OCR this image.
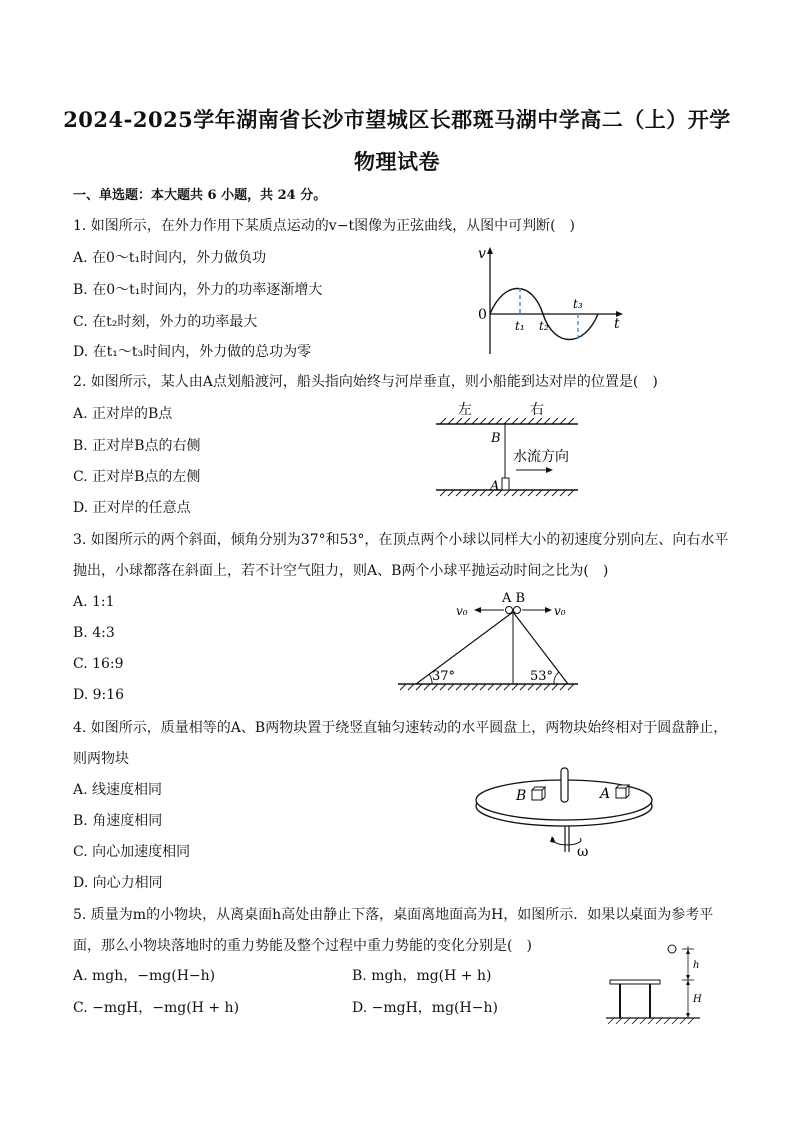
2024-2025学年湖南省长沙市望城区长郡斑马湖中学高二（上）开学
物理试卷
一、单选题：本大题共 6 小题，共 24 分。
1. 如图所示，在外力作用下某质点运动的v−t图像为正弦曲线，从图中可判断(　)
A. 在0～t₁时间内，外力做负功
B. 在0～t₁时间内，外力的功率逐渐增大
C. 在t₂时刻，外力的功率最大
D. 在t₁～t₃时间内，外力做的总功为零
v
0
t
t₁ t₂
t₃
2. 如图所示，某人由A点划船渡河，船头指向始终与河岸垂直，则小船能到达对岸的位置是(　)
A. 正对岸的B点
B. 正对岸B点的右侧
C. 正对岸B点的左侧
D. 正对岸的任意点
左	右
B
A
水流方向
3. 如图所示的两个斜面，倾角分别为37°和53°，在顶点两个小球以同样大小的初速度分别向左、向右水平
抛出，小球都落在斜面上，若不计空气阻力，则A、B两个小球平抛运动时间之比为(　)
A. 1:1
B. 4:3
C. 16:9
D. 9:16
A B
v₀	v₀
37°	53°
4. 如图所示，质量相等的A、B两物块置于绕竖直轴匀速转动的水平圆盘上，两物块始终相对于圆盘静止，
则两物块
A. 线速度相同
B. 角速度相同
C. 向心加速度相同
D. 向心力相同
B	A
ω
5. 质量为m的小物块，从离桌面h高处由静止下落，桌面离地面高为H，如图所示．如果以桌面为参考平
面，那么小物块落地时的重力势能及整个过程中重力势能的变化分别是(　)
A. mgh，−mg(H−h)	B. mgh，mg(H + h)
C. −mgH，−mg(H + h)	D. −mgH，mg(H−h)
h
H
